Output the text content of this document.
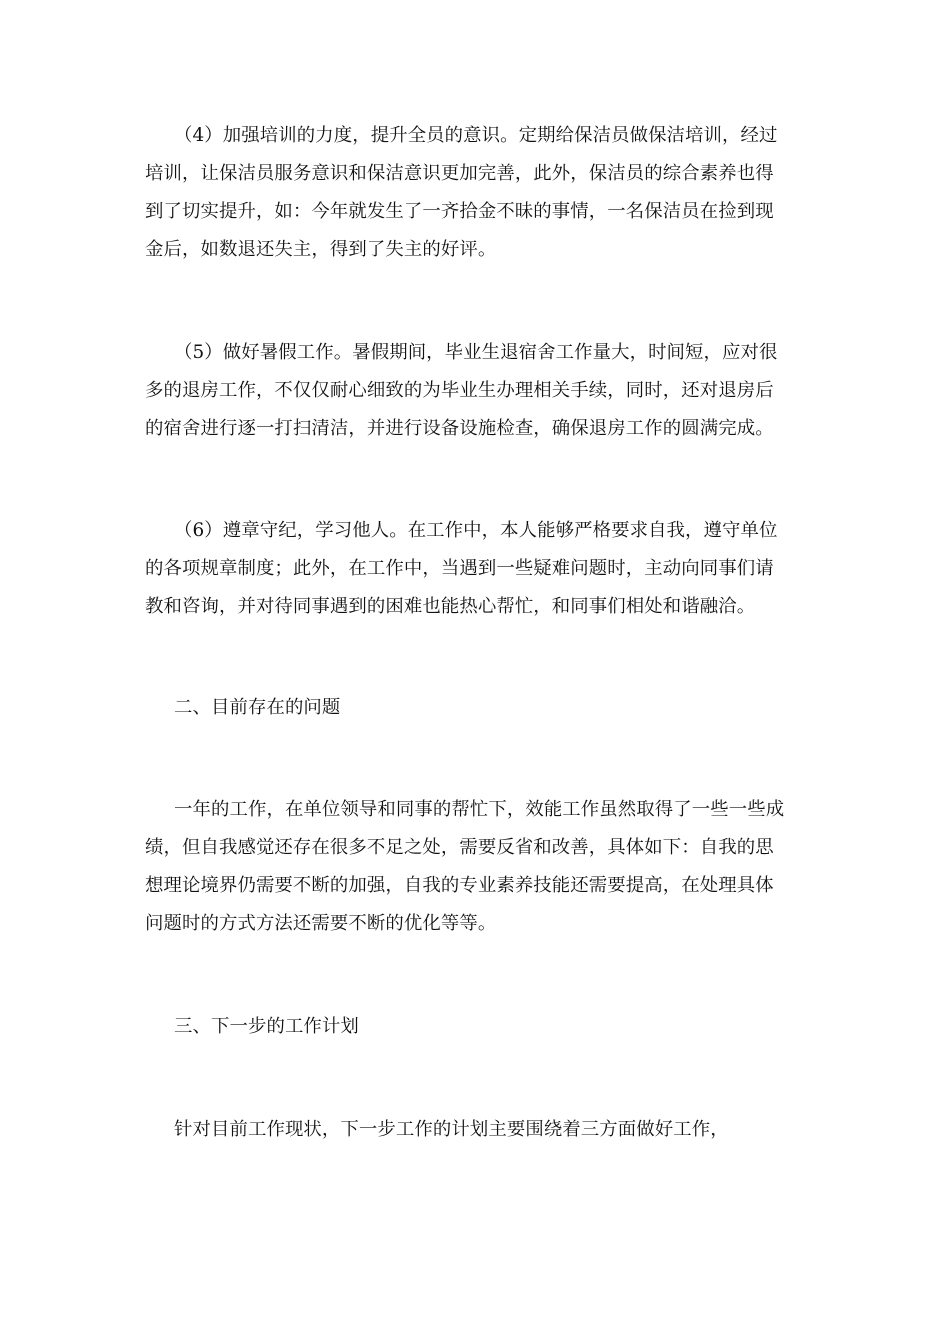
（4）加强培训的力度，提升全员的意识。定期给保洁员做保洁培训，经过
培训，让保洁员服务意识和保洁意识更加完善，此外，保洁员的综合素养也得
到了切实提升，如：今年就发生了一齐拾金不昧的事情，一名保洁员在捡到现
金后，如数退还失主，得到了失主的好评。
（5）做好暑假工作。暑假期间，毕业生退宿舍工作量大，时间短，应对很
多的退房工作，不仅仅耐心细致的为毕业生办理相关手续，同时，还对退房后
的宿舍进行逐一打扫清洁，并进行设备设施检查，确保退房工作的圆满完成。
（6）遵章守纪，学习他人。在工作中，本人能够严格要求自我，遵守单位
的各项规章制度；此外，在工作中，当遇到一些疑难问题时，主动向同事们请
教和咨询，并对待同事遇到的困难也能热心帮忙，和同事们相处和谐融洽。
二、目前存在的问题
一年的工作，在单位领导和同事的帮忙下，效能工作虽然取得了一些一些成
绩，但自我感觉还存在很多不足之处，需要反省和改善，具体如下：自我的思
想理论境界仍需要不断的加强，自我的专业素养技能还需要提高，在处理具体
问题时的方式方法还需要不断的优化等等。
三、下一步的工作计划
针对目前工作现状，下一步工作的计划主要围绕着三方面做好工作，
